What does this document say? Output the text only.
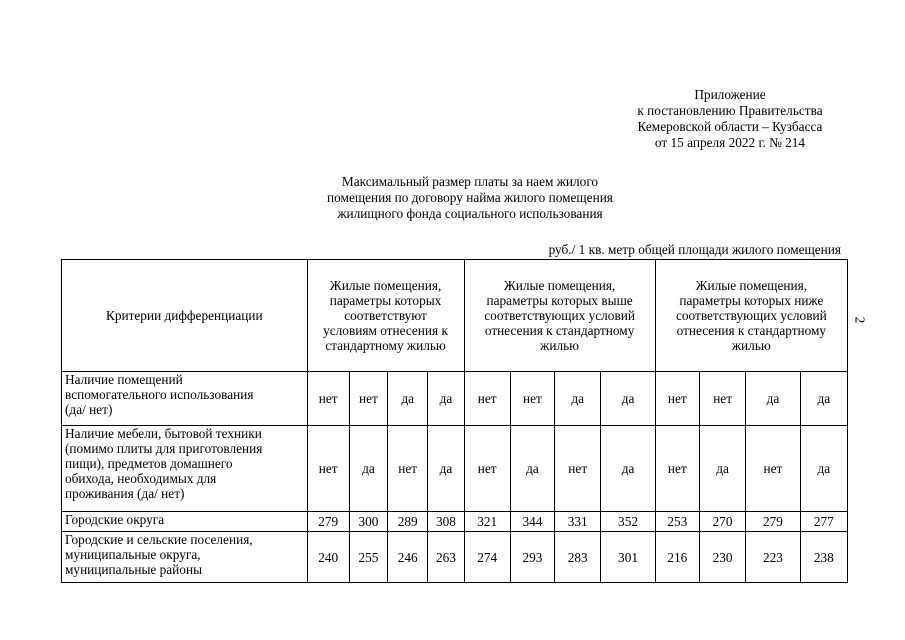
Приложение
к постановлению Правительства
Кемеровской области – Кузбасса
от 15 апреля 2022 г. № 214
Максимальный размер платы за наем жилого
помещения по договору найма жилого помещения
жилищного фонда социального использования
руб./ 1 кв. метр общей площади жилого помещения
2
Критерии дифференциации	Жилые помещения,
параметры которых
соответствуют
условиям отнесения к
стандартному жилью				Жилые помещения,
параметры которых выше
соответствующих условий
отнесения к стандартному
жилью				Жилые помещения,
параметры которых ниже
соответствующих условий
отнесения к стандартному
жилью			

Наличие помещений
вспомогательного использования
(да/ нет)	нет	нет	да	да	нет	нет	да	да	нет	нет	да	да

Наличие мебели, бытовой техники
(помимо плиты для приготовления
пищи), предметов домашнего
обихода, необходимых для
проживания (да/ нет)	нет	да	нет	да	нет	да	нет	да	нет	да	нет	да

Городские округа	279	300	289	308	321	344	331	352	253	270	279	277

Городские и сельские поселения,
муниципальные округа,
муниципальные районы	240	255	246	263	274	293	283	301	216	230	223	238
